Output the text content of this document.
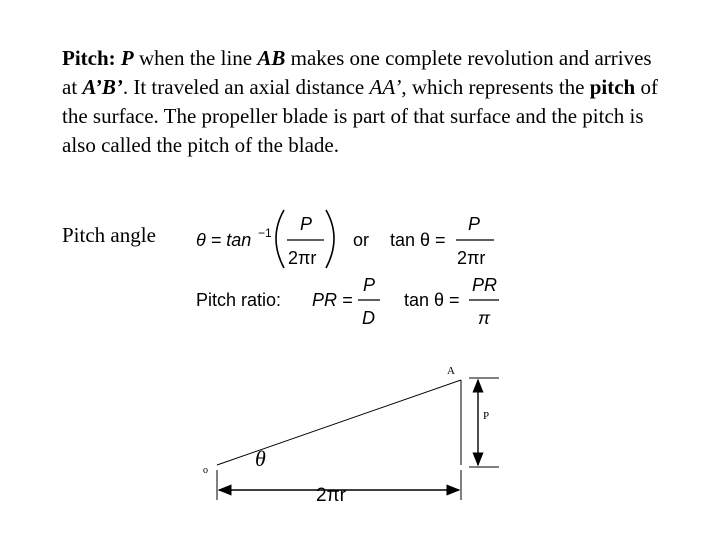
Pitch: P when the line AB makes one complete revolution and arrives at A’B’. It traveled an axial distance AA’, which represents the pitch of the surface. The propeller blade is part of that surface and the pitch is also called the pitch of the blade.
Pitch angle θ = tan −1 P
2πr
or tan θ =
P
2πr
Pitch ratio: PR =
P
D
tan θ =
PR
π
A
P
o θ
2πr
